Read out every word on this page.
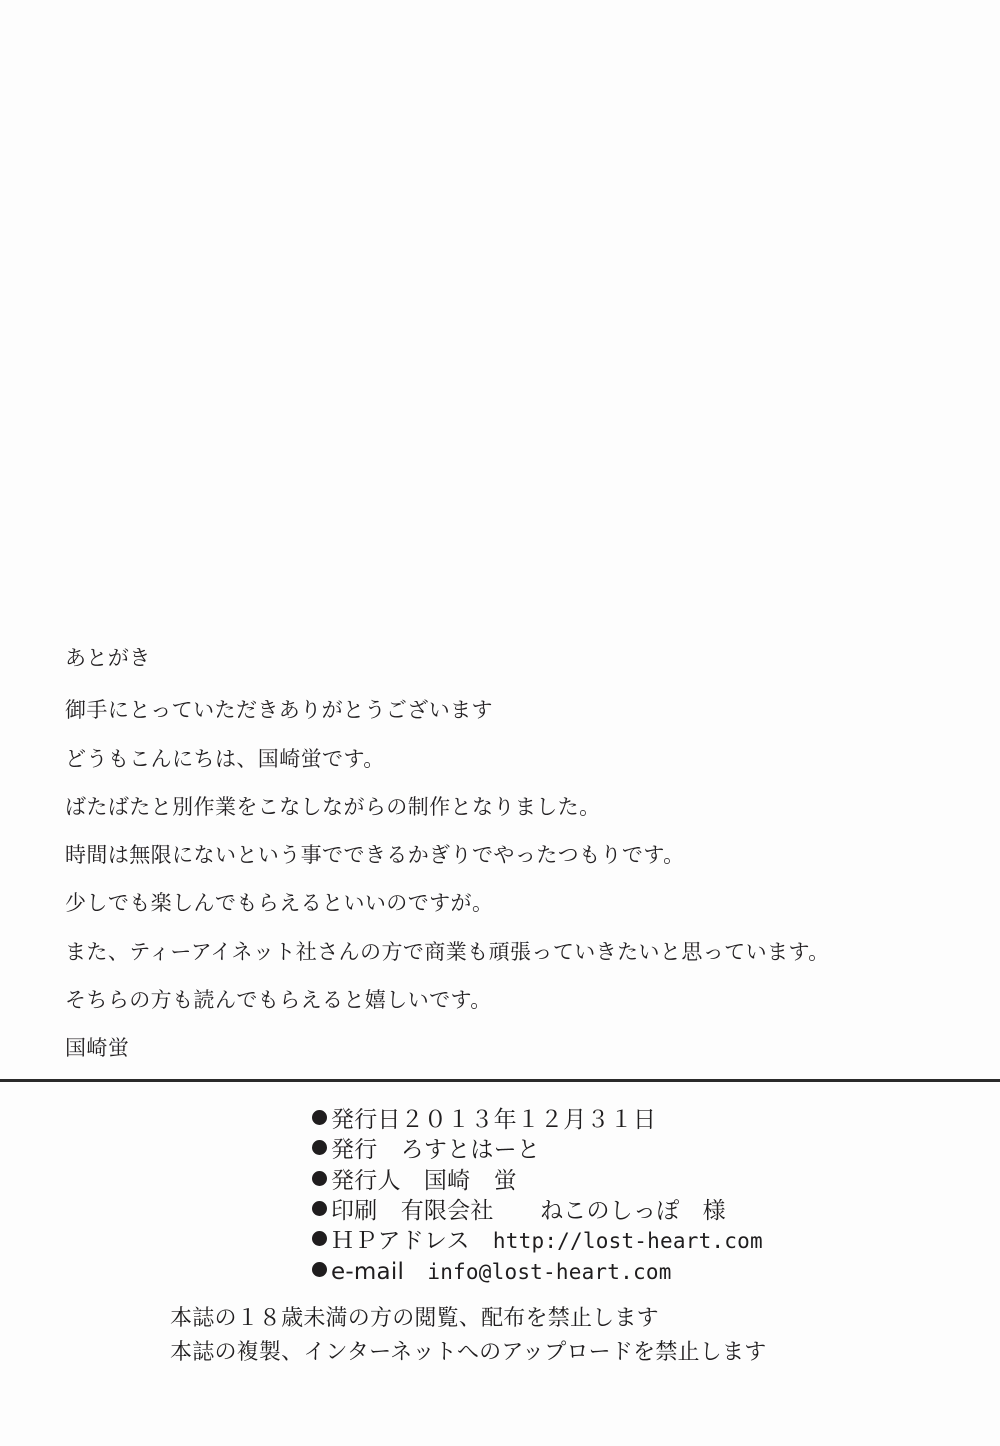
あとがき

御手にとっていただきありがとうございます

どうもこんにちは、国崎蛍です。

ばたばたと別作業をこなしながらの制作となりました。

時間は無限にないという事でできるかぎりでやったつもりです。

少しでも楽しんでもらえるといいのですが。

また、ティーアイネット社さんの方で商業も頑張っていきたいと思っています。

そちらの方も読んでもらえると嬉しいです。

国崎蛍

発行日２０１３年１２月３１日
発行　ろすとはーと
発行人　国崎　蛍
印刷　有限会社　　ねこのしっぽ　様
ＨＰアドレス　 http://lost-heart.com
e-mail　 info@lost-heart.com

本誌の１８歳未満の方の閲覧、配布を禁止します

本誌の複製、インターネットへのアップロードを禁止します
